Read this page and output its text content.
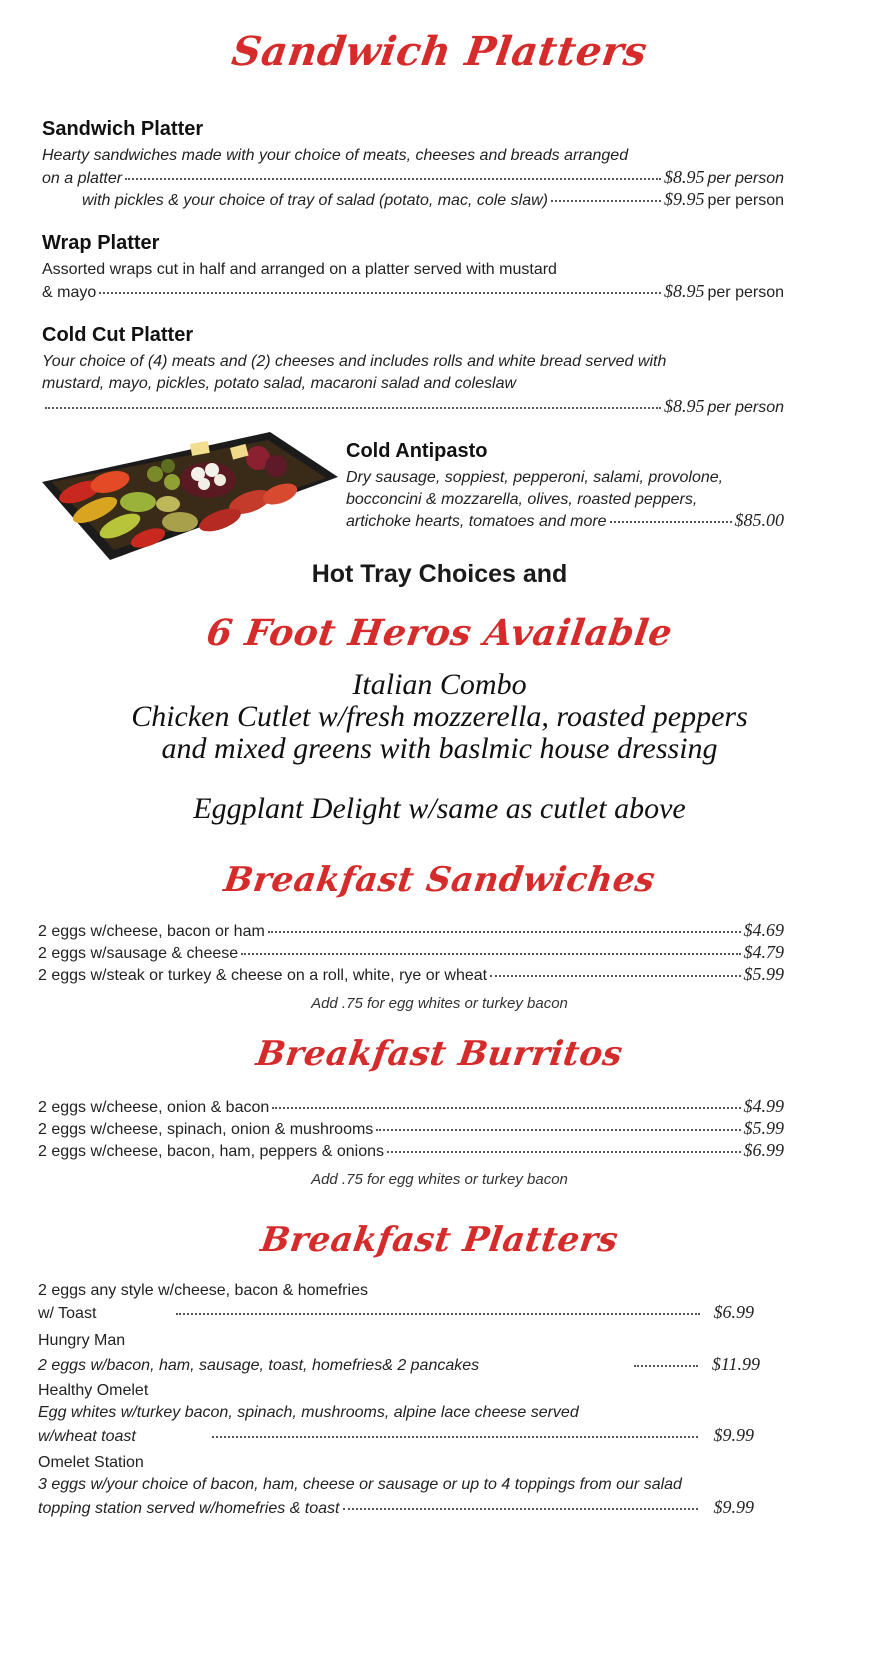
Sandwich Platters
Sandwich Platter
Hearty sandwiches made with your choice of meats, cheeses and breads arranged
on a platter	$8.95 per person
with pickles & your choice of tray of salad (potato, mac, cole slaw)	$9.95 per person
Wrap Platter
Assorted wraps cut in half and arranged on a platter served with mustard
& mayo	$8.95 per person
Cold Cut Platter
Your choice of (4) meats and (2) cheeses and includes rolls and white bread served with
mustard, mayo, pickles, potato salad, macaroni salad and coleslaw
$8.95 per person
Cold Antipasto
Dry sausage, soppiest, pepperoni, salami, provolone,
bocconcini & mozzarella, olives, roasted peppers,
artichoke hearts, tomatoes and more	$85.00
Hot Tray Choices and
6 Foot Heros Available
Italian Combo
Chicken Cutlet w/fresh mozzerella, roasted peppers
and mixed greens with baslmic house dressing
Eggplant Delight w/same as cutlet above
Breakfast Sandwiches
2 eggs w/cheese, bacon or ham	$4.69
2 eggs w/sausage & cheese	$4.79
2 eggs w/steak or turkey & cheese on a roll, white, rye or wheat	$5.99
Add .75 for egg whites or turkey bacon
Breakfast Burritos
2 eggs w/cheese, onion & bacon	$4.99
2 eggs w/cheese, spinach, onion & mushrooms	$5.99
2 eggs w/cheese, bacon, ham, peppers & onions	$6.99
Add .75 for egg whites or turkey bacon
Breakfast Platters
2 eggs any style w/cheese, bacon & homefries
w/ Toast	$6.99
Hungry Man
2 eggs w/bacon, ham, sausage, toast, homefries& 2 pancakes	$11.99
Healthy Omelet
Egg whites w/turkey bacon, spinach, mushrooms, alpine lace cheese served
w/wheat toast	$9.99
Omelet Station
3 eggs w/your choice of bacon, ham, cheese or sausage or up to 4 toppings from our salad
topping station served w/homefries & toast	$9.99
